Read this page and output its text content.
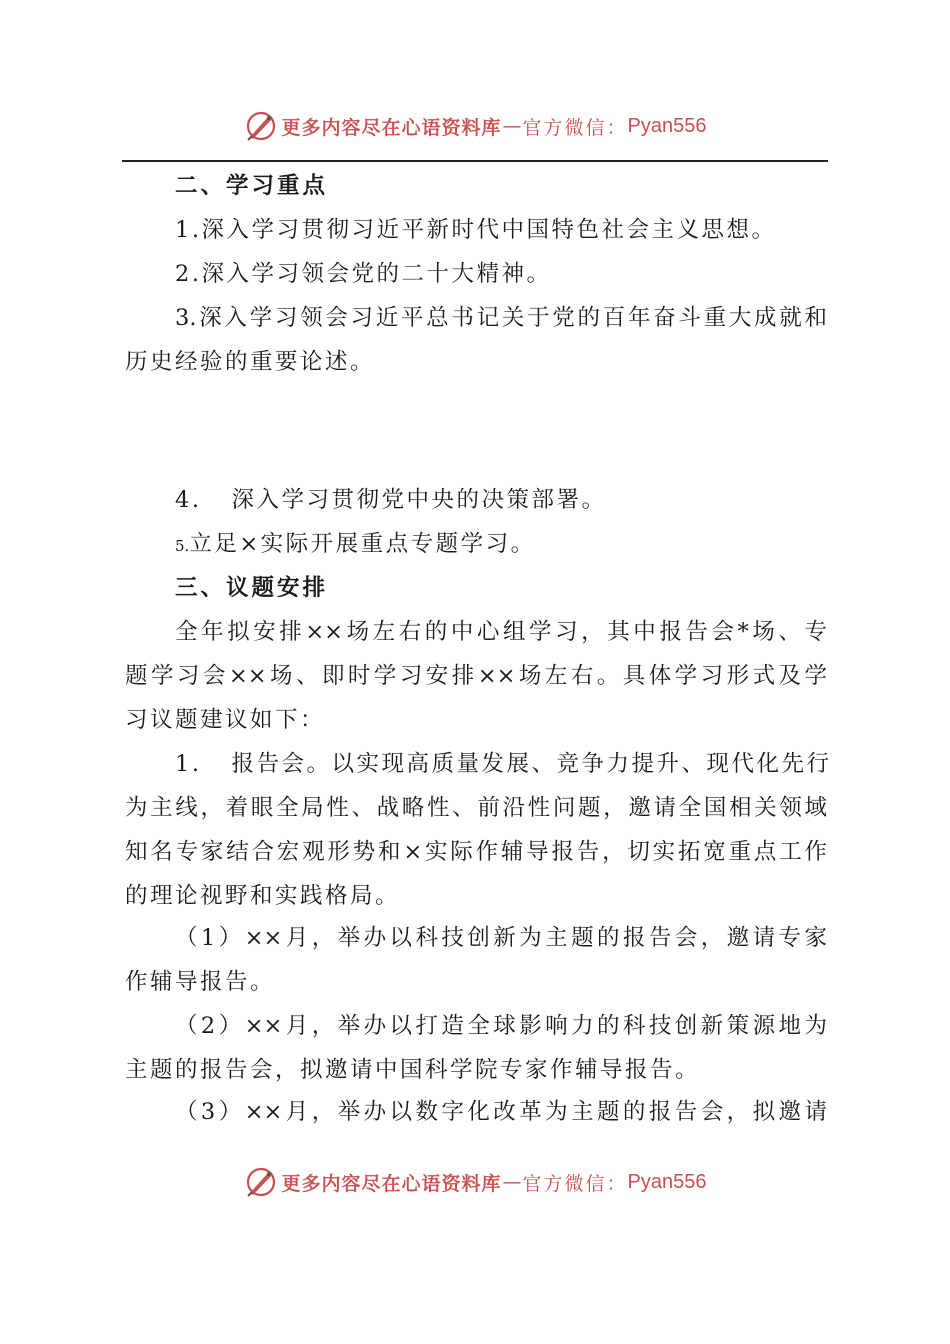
更多内容尽在心语资料库 — 官方微信： Pyan556
二、学习重点
1.深入学习贯彻习近平新时代中国特色社会主义思想。
2.深入学习领会党的二十大精神。
3.深入学习领会习近平总书记关于党的百年奋斗重大成就和
历史经验的重要论述。
4. 深入学习贯彻党中央的决策部署。
5.立足×实际开展重点专题学习。
三、议题安排
全年拟安排××场左右的中心组学习，其中报告会*场、专
题学习会××场、即时学习安排××场左右。具体学习形式及学
习议题建议如下：
1. 报告会。以实现高质量发展、竞争力提升、现代化先行
为主线，着眼全局性、战略性、前沿性问题，邀请全国相关领域
知名专家结合宏观形势和×实际作辅导报告，切实拓宽重点工作
的理论视野和实践格局。
（1）××月，举办以科技创新为主题的报告会，邀请专家
作辅导报告。
（2）××月，举办以打造全球影响力的科技创新策源地为
主题的报告会，拟邀请中国科学院专家作辅导报告。
（3）××月，举办以数字化改革为主题的报告会，拟邀请
更多内容尽在心语资料库 — 官方微信： Pyan556
